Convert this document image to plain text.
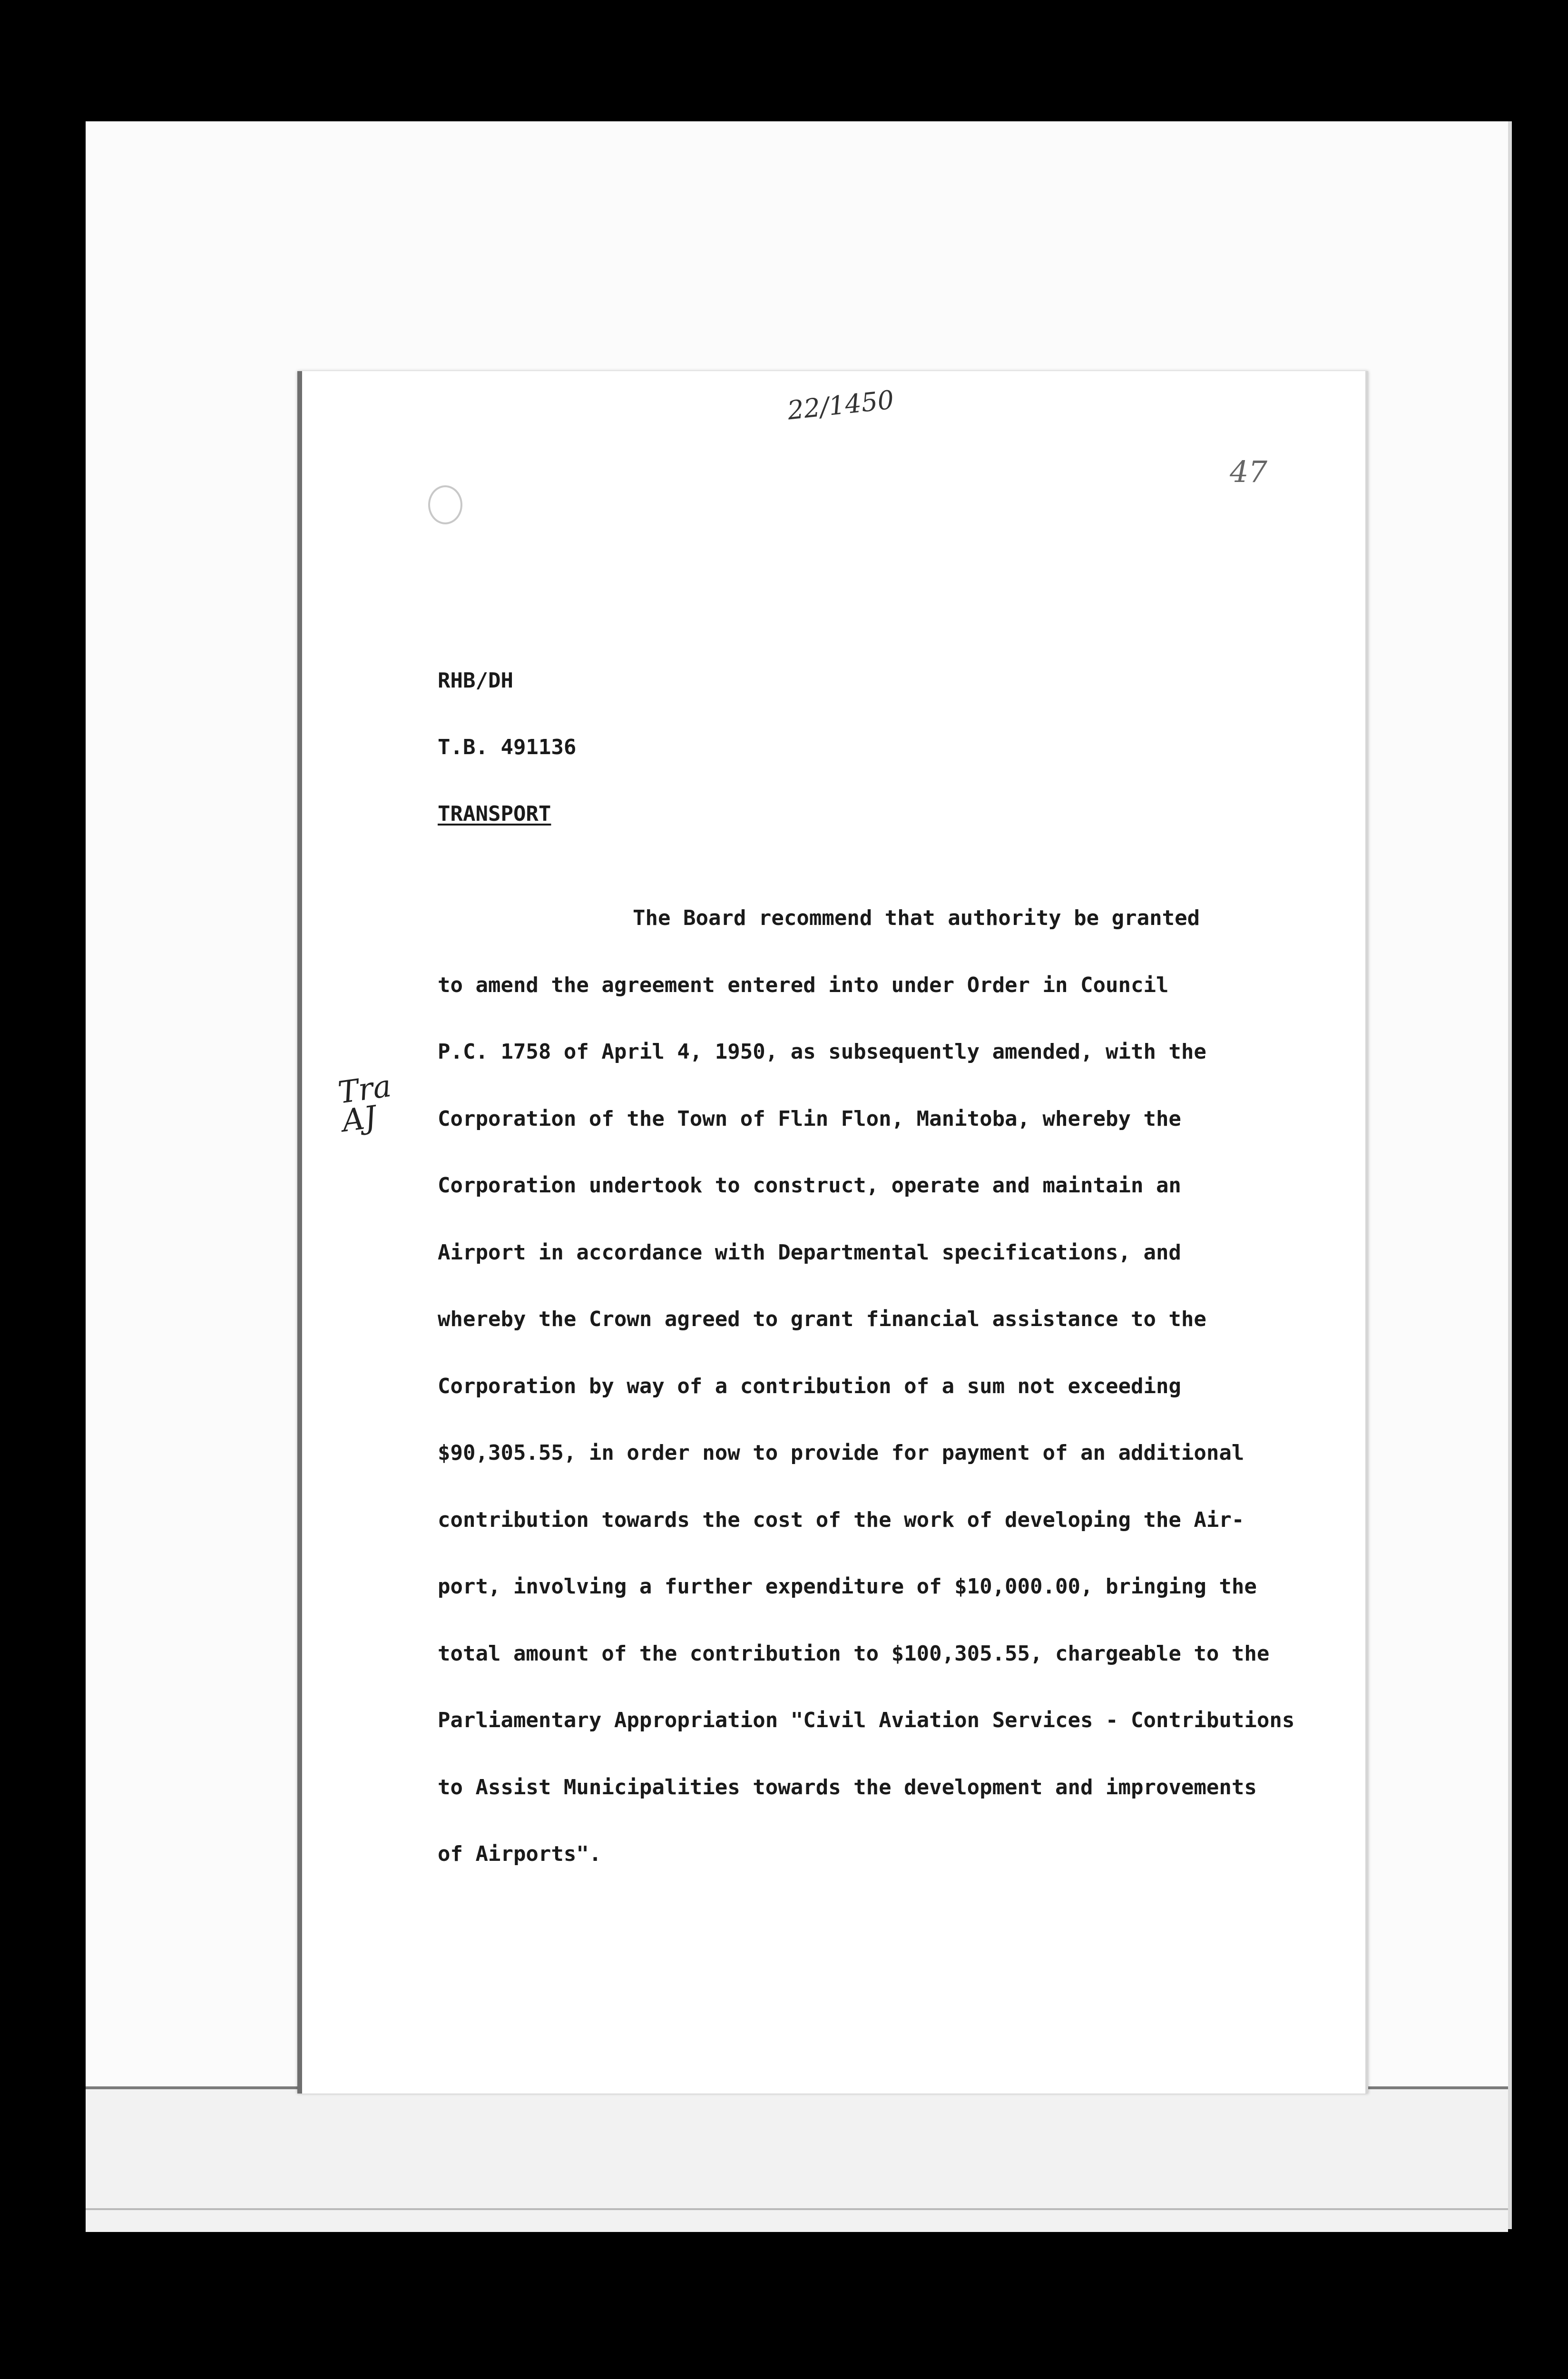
22/1450
47
Tra
AJ
RHB/DH
T.B. 491136
TRANSPORT
The Board recommend that authority be granted
to amend the agreement entered into under Order in Council
P.C. 1758 of April 4, 1950, as subsequently amended, with the
Corporation of the Town of Flin Flon, Manitoba, whereby the
Corporation undertook to construct, operate and maintain an
Airport in accordance with Departmental specifications, and
whereby the Crown agreed to grant financial assistance to the
Corporation by way of a contribution of a sum not exceeding
$90,305.55, in order now to provide for payment of an additional
contribution towards the cost of the work of developing the Air-
port, involving a further expenditure of $10,000.00, bringing the
total amount of the contribution to $100,305.55, chargeable to the
Parliamentary Appropriation "Civil Aviation Services - Contributions
to Assist Municipalities towards the development and improvements
of Airports".
